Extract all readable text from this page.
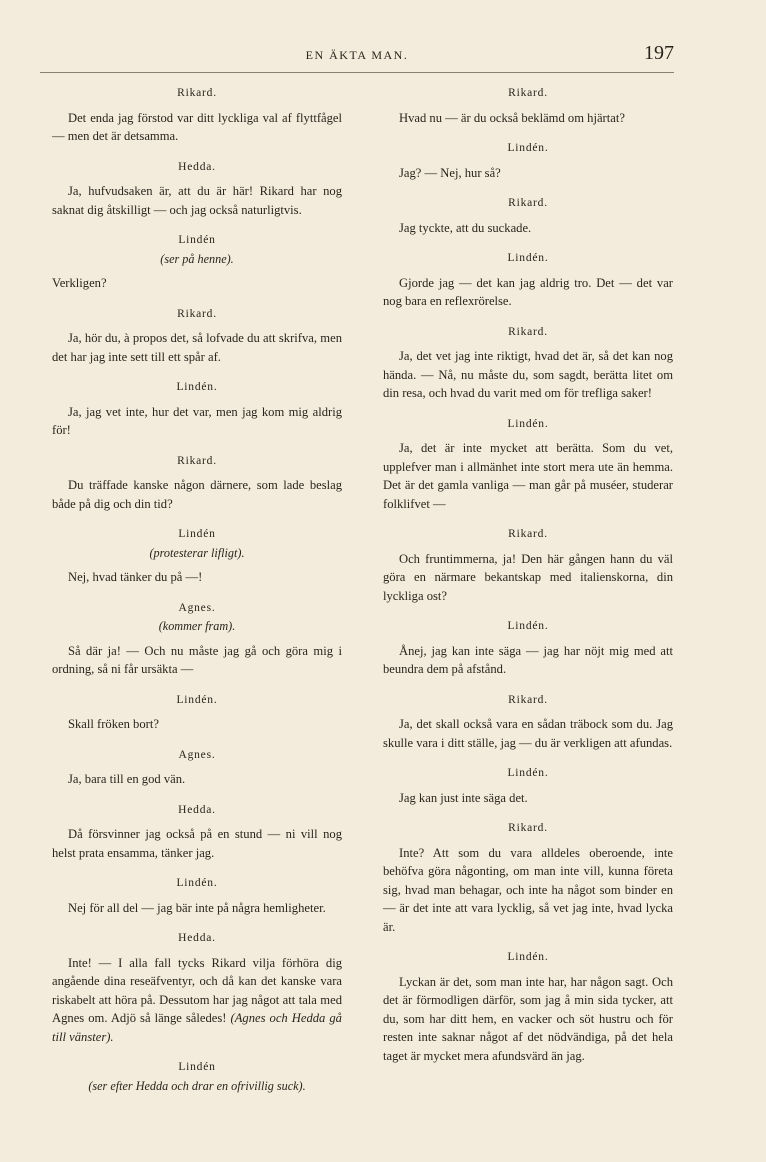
EN ÄKTA MAN.	197
Rikard.

Det enda jag förstod var ditt lyckliga val af flyttfågel — men det är detsamma.

Hedda.

Ja, hufvudsaken är, att du är här! Rikard har nog saknat dig åtskilligt — och jag också naturligtvis.

Lindén
(ser på henne).

Verkligen?

Rikard.

Ja, hör du, à propos det, så lofvade du att skrifva, men det har jag inte sett till ett spår af.

Lindén.

Ja, jag vet inte, hur det var, men jag kom mig aldrig för!

Rikard.

Du träffade kanske någon därnere, som lade beslag både på dig och din tid?

Lindén
(protesterar lifligt).

Nej, hvad tänker du på —!

Agnes.
(kommer fram).

Så där ja! — Och nu måste jag gå och göra mig i ordning, så ni får ursäkta —

Lindén.

Skall fröken bort?

Agnes.

Ja, bara till en god vän.

Hedda.

Då försvinner jag också på en stund — ni vill nog helst prata ensamma, tänker jag.

Lindén.

Nej för all del — jag bär inte på några hemligheter.

Hedda.

Inte! — I alla fall tycks Rikard vilja förhöra dig angående dina reseäfventyr, och då kan det kanske vara riskabelt att höra på. Dessutom har jag något att tala med Agnes om. Adjö så länge således! (Agnes och Hedda gå till vänster).

Lindén
(ser efter Hedda och drar en ofrivillig suck).
Rikard.

Hvad nu — är du också beklämd om hjärtat?

Lindén.

Jag? — Nej, hur så?

Rikard.

Jag tyckte, att du suckade.

Lindén.

Gjorde jag — det kan jag aldrig tro. Det — det var nog bara en reflexrörelse.

Rikard.

Ja, det vet jag inte riktigt, hvad det är, så det kan nog hända. — Nå, nu måste du, som sagdt, berätta litet om din resa, och hvad du varit med om för trefliga saker!

Lindén.

Ja, det är inte mycket att berätta. Som du vet, upplefver man i allmänhet inte stort mera ute än hemma. Det är det gamla vanliga — man går på muséer, studerar folklifvet —

Rikard.

Och fruntimmerna, ja! Den här gången hann du väl göra en närmare bekantskap med italienskorna, din lyckliga ost?

Lindén.

Ånej, jag kan inte säga — jag har nöjt mig med att beundra dem på afstånd.

Rikard.

Ja, det skall också vara en sådan träbock som du. Jag skulle vara i ditt ställe, jag — du är verkligen att afundas.

Lindén.

Jag kan just inte säga det.

Rikard.

Inte? Att som du vara alldeles oberoende, inte behöfva göra någonting, om man inte vill, kunna företa sig, hvad man behagar, och inte ha något som binder en — är det inte att vara lycklig, så vet jag inte, hvad lycka är.

Lindén.

Lyckan är det, som man inte har, har någon sagt. Och det är förmodligen därför, som jag å min sida tycker, att du, som har ditt hem, en vacker och söt hustru och för resten inte saknar något af det nödvändiga, på det hela taget är mycket mera afundsvärd än jag.
